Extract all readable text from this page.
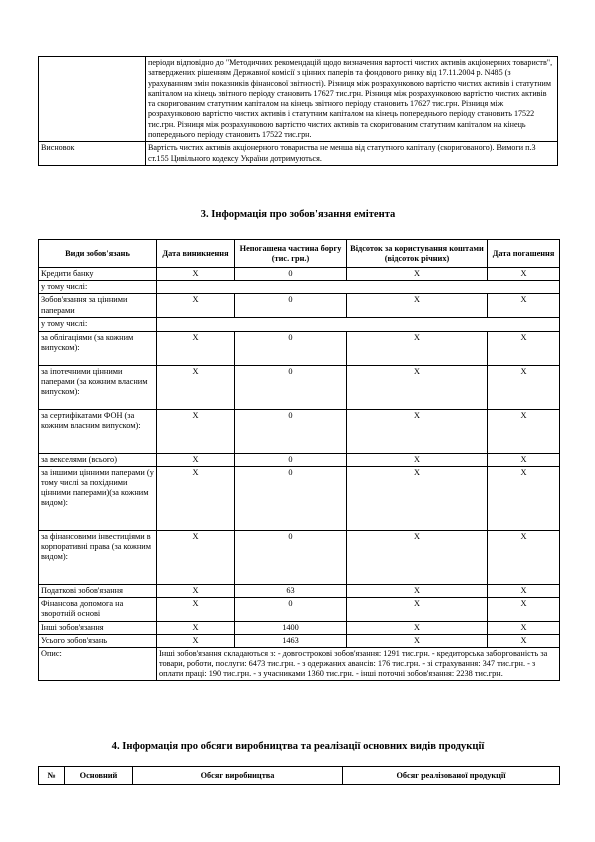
	періоди відповідно до "Методичних рекомендацій щодо визначення вартості чистих активів акціонерних товариств", затверджених рішенням Державної комісії з цінних паперів та фондового ринку від 17.11.2004 р. N485 (з урахуванням змін показників фінансової звітності). Різниця між розрахунковою вартістю чистих активів і статутним капіталом на кінець звітного періоду становить 17627 тис.грн. Різниця між розрахунковою вартістю чистих активів та скоригованим статутним капіталом на кінець звітного періоду становить 17627 тис.грн. Різниця між розрахунковою вартістю чистих активів і статутним капіталом на кінець попереднього періоду становить 17522 тис.грн. Різниця між розрахунковою вартістю чистих активів та скоригованим статутним капіталом на кінець попереднього періоду становить 17522 тис.грн.
Висновок	Вартість чистих активів акціонерного товариства не менша від статутного капіталу (скоригованого). Вимоги п.3 ст.155 Цивільного кодексу України дотримуються.
3. Інформація про зобов'язання емітента
Види зобов'язань	Дата виникнення	Непогашена частина боргу (тис. грн.)	Відсоток за користування коштами (відсоток річних)	Дата погашення
Кредити банку	X	0	X	X
у тому числі:				
Зобов'язання за цінними паперами	X	0	X	X
у тому числі:				
за облігаціями (за кожним випуском):	X	0	X	X
за іпотечними цінними паперами (за кожним власним випуском):	X	0	X	X
за сертифікатами ФОН (за кожним власним випуском):	X	0	X	X
за векселями (всього)	X	0	X	X
за іншими цінними паперами (у тому числі за похідними цінними паперами)(за кожним видом):	X	0	X	X
за фінансовими інвестиціями в корпоративні права (за кожним видом):	X	0	X	X
Податкові зобов'язання	X	63	X	X
Фінансова допомога на зворотній основі	X	0	X	X
Інші зобов'язання	X	1400	X	X
Усього зобов'язань	X	1463	X	X
Опис:	Інші зобов'язання складаються з: - довгострокові зобов'язання: 1291 тис.грн. - кредиторська заборгованість за товари, роботи, послуги: 6473 тис.грн. - з одержаних авансів: 176 тис.грн. - зі страхування: 347 тис.грн. - з оплати праці: 190 тис.грн. - з учасниками 1360 тис.грн. - інші поточні зобов'язання: 2238 тис.грн.			
4. Інформація про обсяги виробництва та реалізації основних видів продукції
№	Основний	Обсяг виробництва	Обсяг реалізованої продукції
